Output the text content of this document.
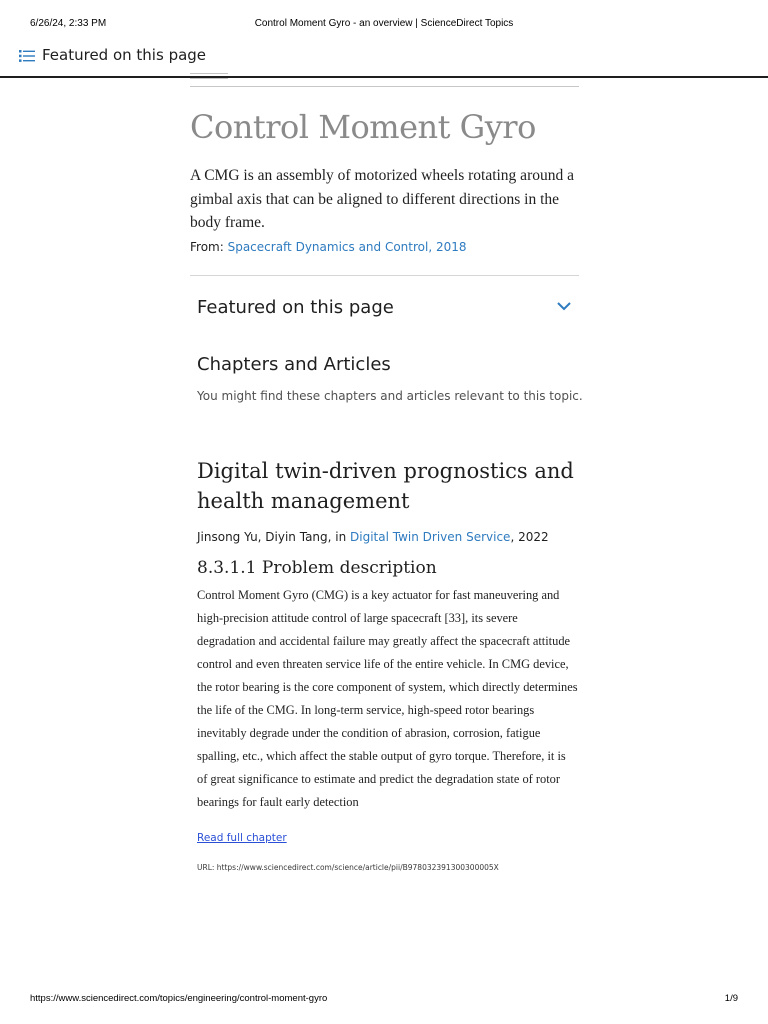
6/26/24, 2:33 PM	Control Moment Gyro - an overview | ScienceDirect Topics
Featured on this page
Control Moment Gyro

A CMG is an assembly of motorized wheels rotating around a gimbal axis that can be aligned to different directions in the body frame.

From: Spacecraft Dynamics and Control, 2018
Featured on this page
Chapters and Articles
You might find these chapters and articles relevant to this topic.
Digital twin-driven prognostics and health management
Jinsong Yu, Diyin Tang, in Digital Twin Driven Service, 2022
8.3.1.1 Problem description

Control Moment Gyro (CMG) is a key actuator for fast maneuvering and high-precision attitude control of large spacecraft [33], its severe degradation and accidental failure may greatly affect the spacecraft attitude control and even threaten service life of the entire vehicle. In CMG device, the rotor bearing is the core component of system, which directly determines the life of the CMG. In long-term service, high-speed rotor bearings inevitably degrade under the condition of abrasion, corrosion, fatigue spalling, etc., which affect the stable output of gyro torque. Therefore, it is of great significance to estimate and predict the degradation state of rotor bearings for fault early detection

Read full chapter
URL: https://www.sciencedirect.com/science/article/pii/B978032391300300005X
https://www.sciencedirect.com/topics/engineering/control-moment-gyro	1/9
